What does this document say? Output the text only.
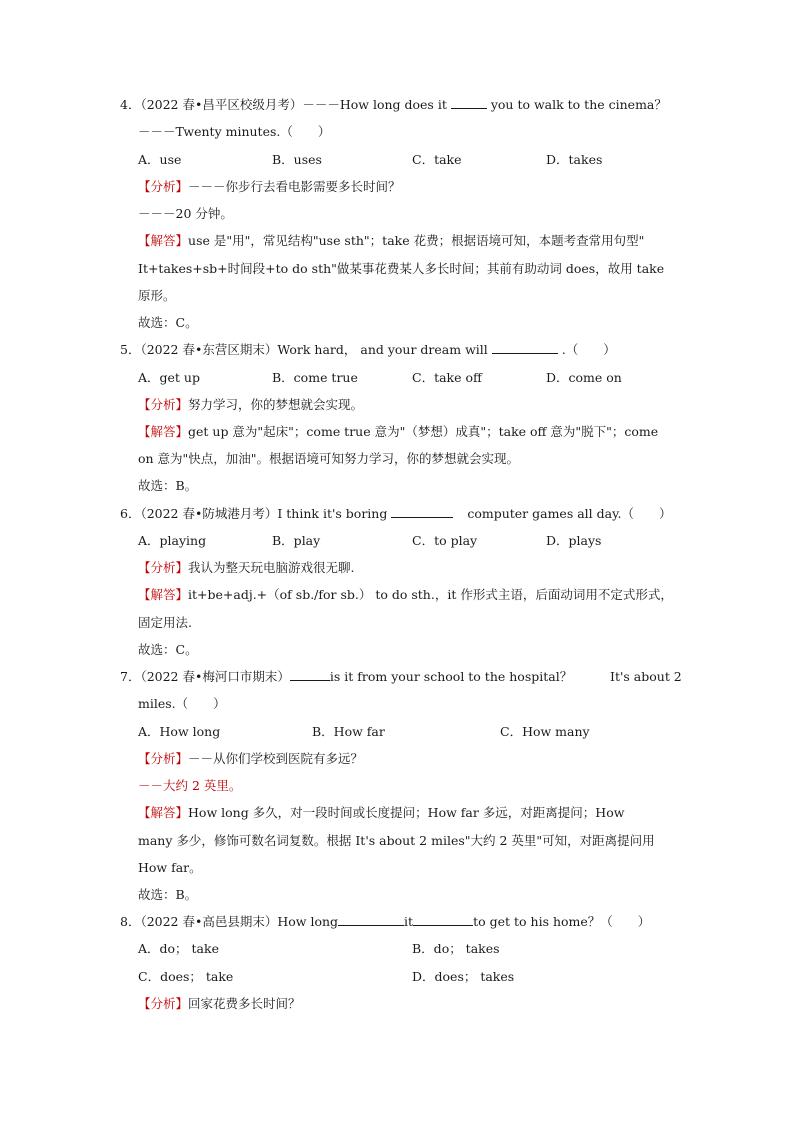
4．（2022 春•昌平区校级月考）－－－How long does it	you to walk to the cinema？
－－－Twenty minutes.（　　）
A．use	B．uses	C．take	D．takes
【分析】－－－你步行去看电影需要多长时间？
－－－20 分钟。
【解答】use 是"用"，常见结构"use sth"；take 花费；根据语境可知，本题考查常用句型"
It+takes+sb+时间段+to do sth"做某事花费某人多长时间；其前有助动词 does，故用 take
原形。
故选：C。
5．（2022 春•东营区期末）Work hard， and your dream will	.（　　）
A．get up	B．come true	C．take off	D．come on
【分析】努力学习，你的梦想就会实现。
【解答】get up 意为"起床"；come true 意为"（梦想）成真"；take off 意为"脱下"；come
on 意为"快点，加油"。根据语境可知努力学习，你的梦想就会实现。
故选：B。
6．（2022 春•防城港月考）I think it's boring	computer games all day.（　　）
A．playing	B．play	C．to play	D．plays
【分析】我认为整天玩电脑游戏很无聊.
【解答】it+be+adj.+（of sb./for sb.） to do sth.，it 作形式主语，后面动词用不定式形式，
固定用法.
故选：C。
7．（2022 春•梅河口市期末）	is it from your school to the hospital？	It's about 2
miles.（　　）
A．How long	B．How far	C．How many
【分析】－－从你们学校到医院有多远？
－－大约 2 英里。
【解答】How long 多久，对一段时间或长度提问；How far 多远，对距离提问；How
many 多少，修饰可数名词复数。根据 It's about 2 miles"大约 2 英里"可知，对距离提问用
How far。
故选：B。
8．（2022 春•高邑县期末）How long	it	to get to his home？（　　）
A．do； take	B．do； takes
C．does； take	D．does； takes
【分析】回家花费多长时间？
